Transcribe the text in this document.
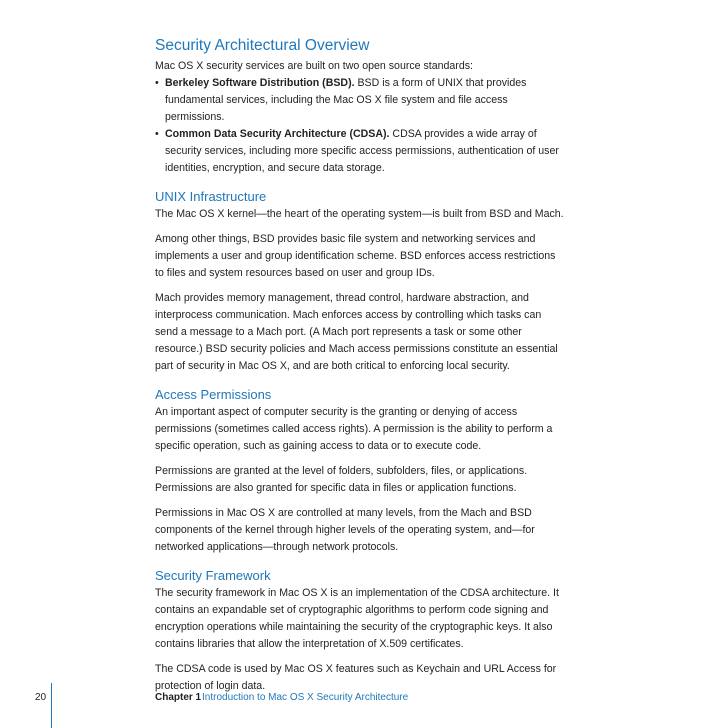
Security Architectural Overview

Mac OS X security services are built on two open source standards:

• Berkeley Software Distribution (BSD). BSD is a form of UNIX that provides fundamental services, including the Mac OS X file system and file access permissions.
• Common Data Security Architecture (CDSA). CDSA provides a wide array of security services, including more specific access permissions, authentication of user identities, encryption, and secure data storage.
UNIX Infrastructure

The Mac OS X kernel—the heart of the operating system—is built from BSD and Mach.

Among other things, BSD provides basic file system and networking services and implements a user and group identification scheme. BSD enforces access restrictions to files and system resources based on user and group IDs.

Mach provides memory management, thread control, hardware abstraction, and interprocess communication. Mach enforces access by controlling which tasks can send a message to a Mach port. (A Mach port represents a task or some other resource.) BSD security policies and Mach access permissions constitute an essential part of security in Mac OS X, and are both critical to enforcing local security.

Access Permissions

An important aspect of computer security is the granting or denying of access permissions (sometimes called access rights). A permission is the ability to perform a specific operation, such as gaining access to data or to execute code.

Permissions are granted at the level of folders, subfolders, files, or applications. Permissions are also granted for specific data in files or application functions.

Permissions in Mac OS X are controlled at many levels, from the Mach and BSD components of the kernel through higher levels of the operating system, and—for networked applications—through network protocols.

Security Framework

The security framework in Mac OS X is an implementation of the CDSA architecture. It contains an expandable set of cryptographic algorithms to perform code signing and encryption operations while maintaining the security of the cryptographic keys. It also contains libraries that allow the interpretation of X.509 certificates.

The CDSA code is used by Mac OS X features such as Keychain and URL Access for protection of login data.

20	Chapter 1 Introduction to Mac OS X Security Architecture
